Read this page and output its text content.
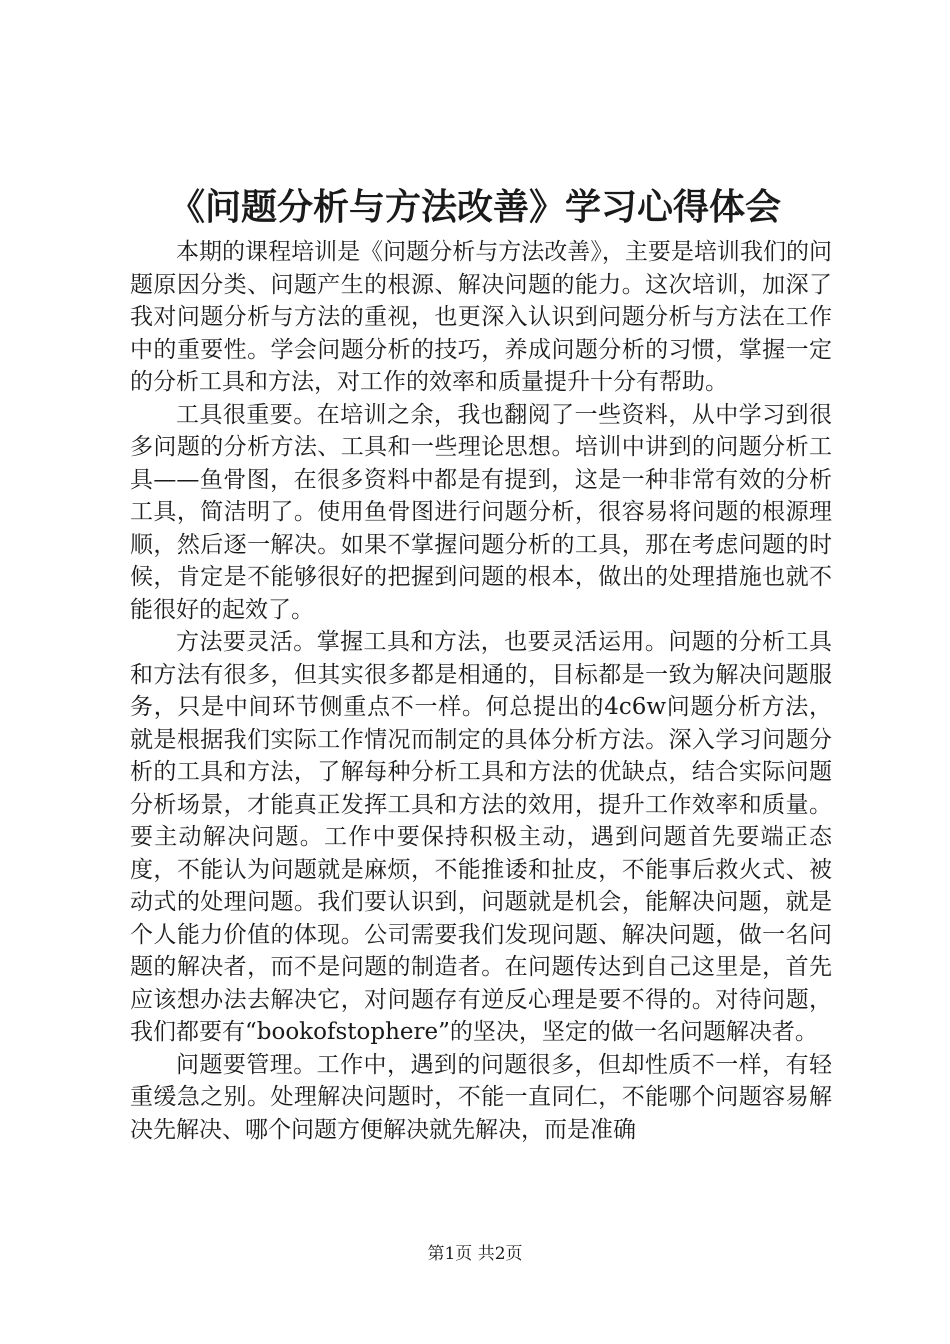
《问题分析与方法改善》学习心得体会

本期的课程培训是《问题分析与方法改善》，主要是培训我们的问题原因分类、问题产生的根源、解决问题的能力。这次培训，加深了我对问题分析与方法的重视，也更深入认识到问题分析与方法在工作中的重要性。学会问题分析的技巧，养成问题分析的习惯，掌握一定的分析工具和方法，对工作的效率和质量提升十分有帮助。

工具很重要。在培训之余，我也翻阅了一些资料，从中学习到很多问题的分析方法、工具和一些理论思想。培训中讲到的问题分析工具——鱼骨图，在很多资料中都是有提到，这是一种非常有效的分析工具，简洁明了。使用鱼骨图进行问题分析，很容易将问题的根源理顺，然后逐一解决。如果不掌握问题分析的工具，那在考虑问题的时候，肯定是不能够很好的把握到问题的根本，做出的处理措施也就不能很好的起效了。

方法要灵活。掌握工具和方法，也要灵活运用。问题的分析工具和方法有很多，但其实很多都是相通的，目标都是一致为解决问题服务，只是中间环节侧重点不一样。何总提出的4c6w问题分析方法，就是根据我们实际工作情况而制定的具体分析方法。深入学习问题分析的工具和方法，了解每种分析工具和方法的优缺点，结合实际问题分析场景，才能真正发挥工具和方法的效用，提升工作效率和质量。要主动解决问题。工作中要保持积极主动，遇到问题首先要端正态度，不能认为问题就是麻烦，不能推诿和扯皮，不能事后救火式、被动式的处理问题。我们要认识到，问题就是机会，能解决问题，就是个人能力价值的体现。公司需要我们发现问题、解决问题，做一名问题的解决者，而不是问题的制造者。在问题传达到自己这里是，首先应该想办法去解决它，对问题存有逆反心理是要不得的。对待问题，我们都要有“bookofstophere”的坚决，坚定的做一名问题解决者。

问题要管理。工作中，遇到的问题很多，但却性质不一样，有轻重缓急之别。处理解决问题时，不能一直同仁，不能哪个问题容易解决先解决、哪个问题方便解决就先解决，而是准确

第1页 共2页
